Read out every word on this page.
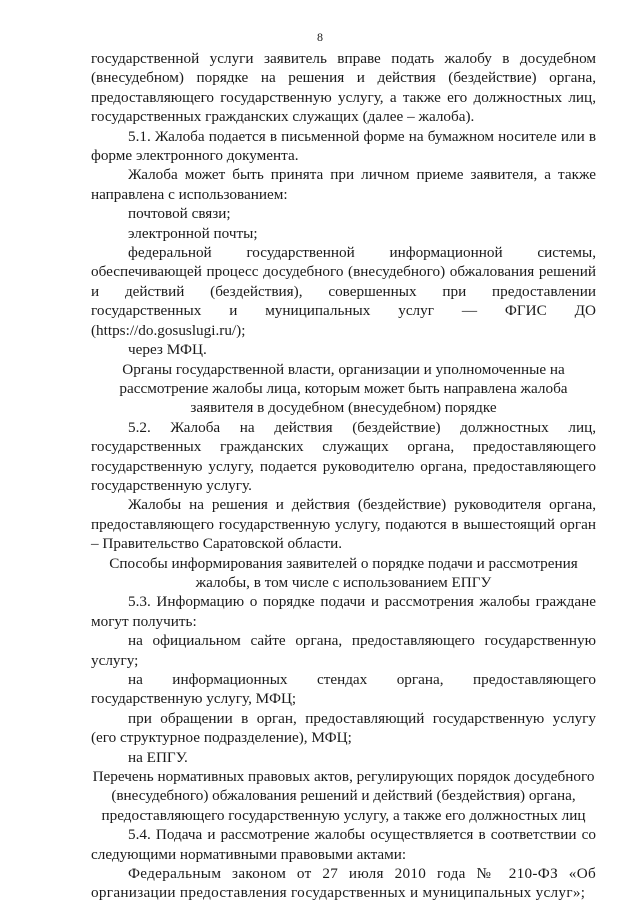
8

государственной услуги заявитель вправе подать жалобу в досудебном (внесудебном) порядке на решения и действия (бездействие) органа, предоставляющего государственную услугу, а также его должностных лиц, государственных гражданских служащих (далее – жалоба).

5.1. Жалоба подается в письменной форме на бумажном носителе или в форме электронного документа.

Жалоба может быть принята при личном приеме заявителя, а также направлена с использованием:

почтовой связи;

электронной почты;

федеральной государственной информационной системы, обеспечивающей процесс досудебного (внесудебного) обжалования решений и действий (бездействия), совершенных при предоставлении государственных и муниципальных услуг — ФГИС ДО (https://do.gosuslugi.ru/);

через МФЦ.

Органы государственной власти, организации и уполномоченные на рассмотрение жалобы лица, которым может быть направлена жалоба заявителя в досудебном (внесудебном) порядке

5.2. Жалоба на действия (бездействие) должностных лиц, государственных гражданских служащих органа, предоставляющего государственную услугу, подается руководителю органа, предоставляющего государственную услугу.

Жалобы на решения и действия (бездействие) руководителя органа, предоставляющего государственную услугу, подаются в вышестоящий орган – Правительство Саратовской области.

Способы информирования заявителей о порядке подачи и рассмотрения жалобы, в том числе с использованием ЕПГУ

5.3. Информацию о порядке подачи и рассмотрения жалобы граждане могут получить:

на официальном сайте органа, предоставляющего государственную услугу;

на информационных стендах органа, предоставляющего государственную услугу, МФЦ;

при обращении в орган, предоставляющий государственную услугу (его структурное подразделение), МФЦ;

на ЕПГУ.

Перечень нормативных правовых актов, регулирующих порядок досудебного (внесудебного) обжалования решений и действий (бездействия) органа, предоставляющего государственную услугу, а также его должностных лиц

5.4. Подача и рассмотрение жалобы осуществляется в соответствии со следующими нормативными правовыми актами:

Федеральным законом от 27 июля 2010 года № 210-ФЗ «Об организации предоставления государственных и муниципальных услуг»;
